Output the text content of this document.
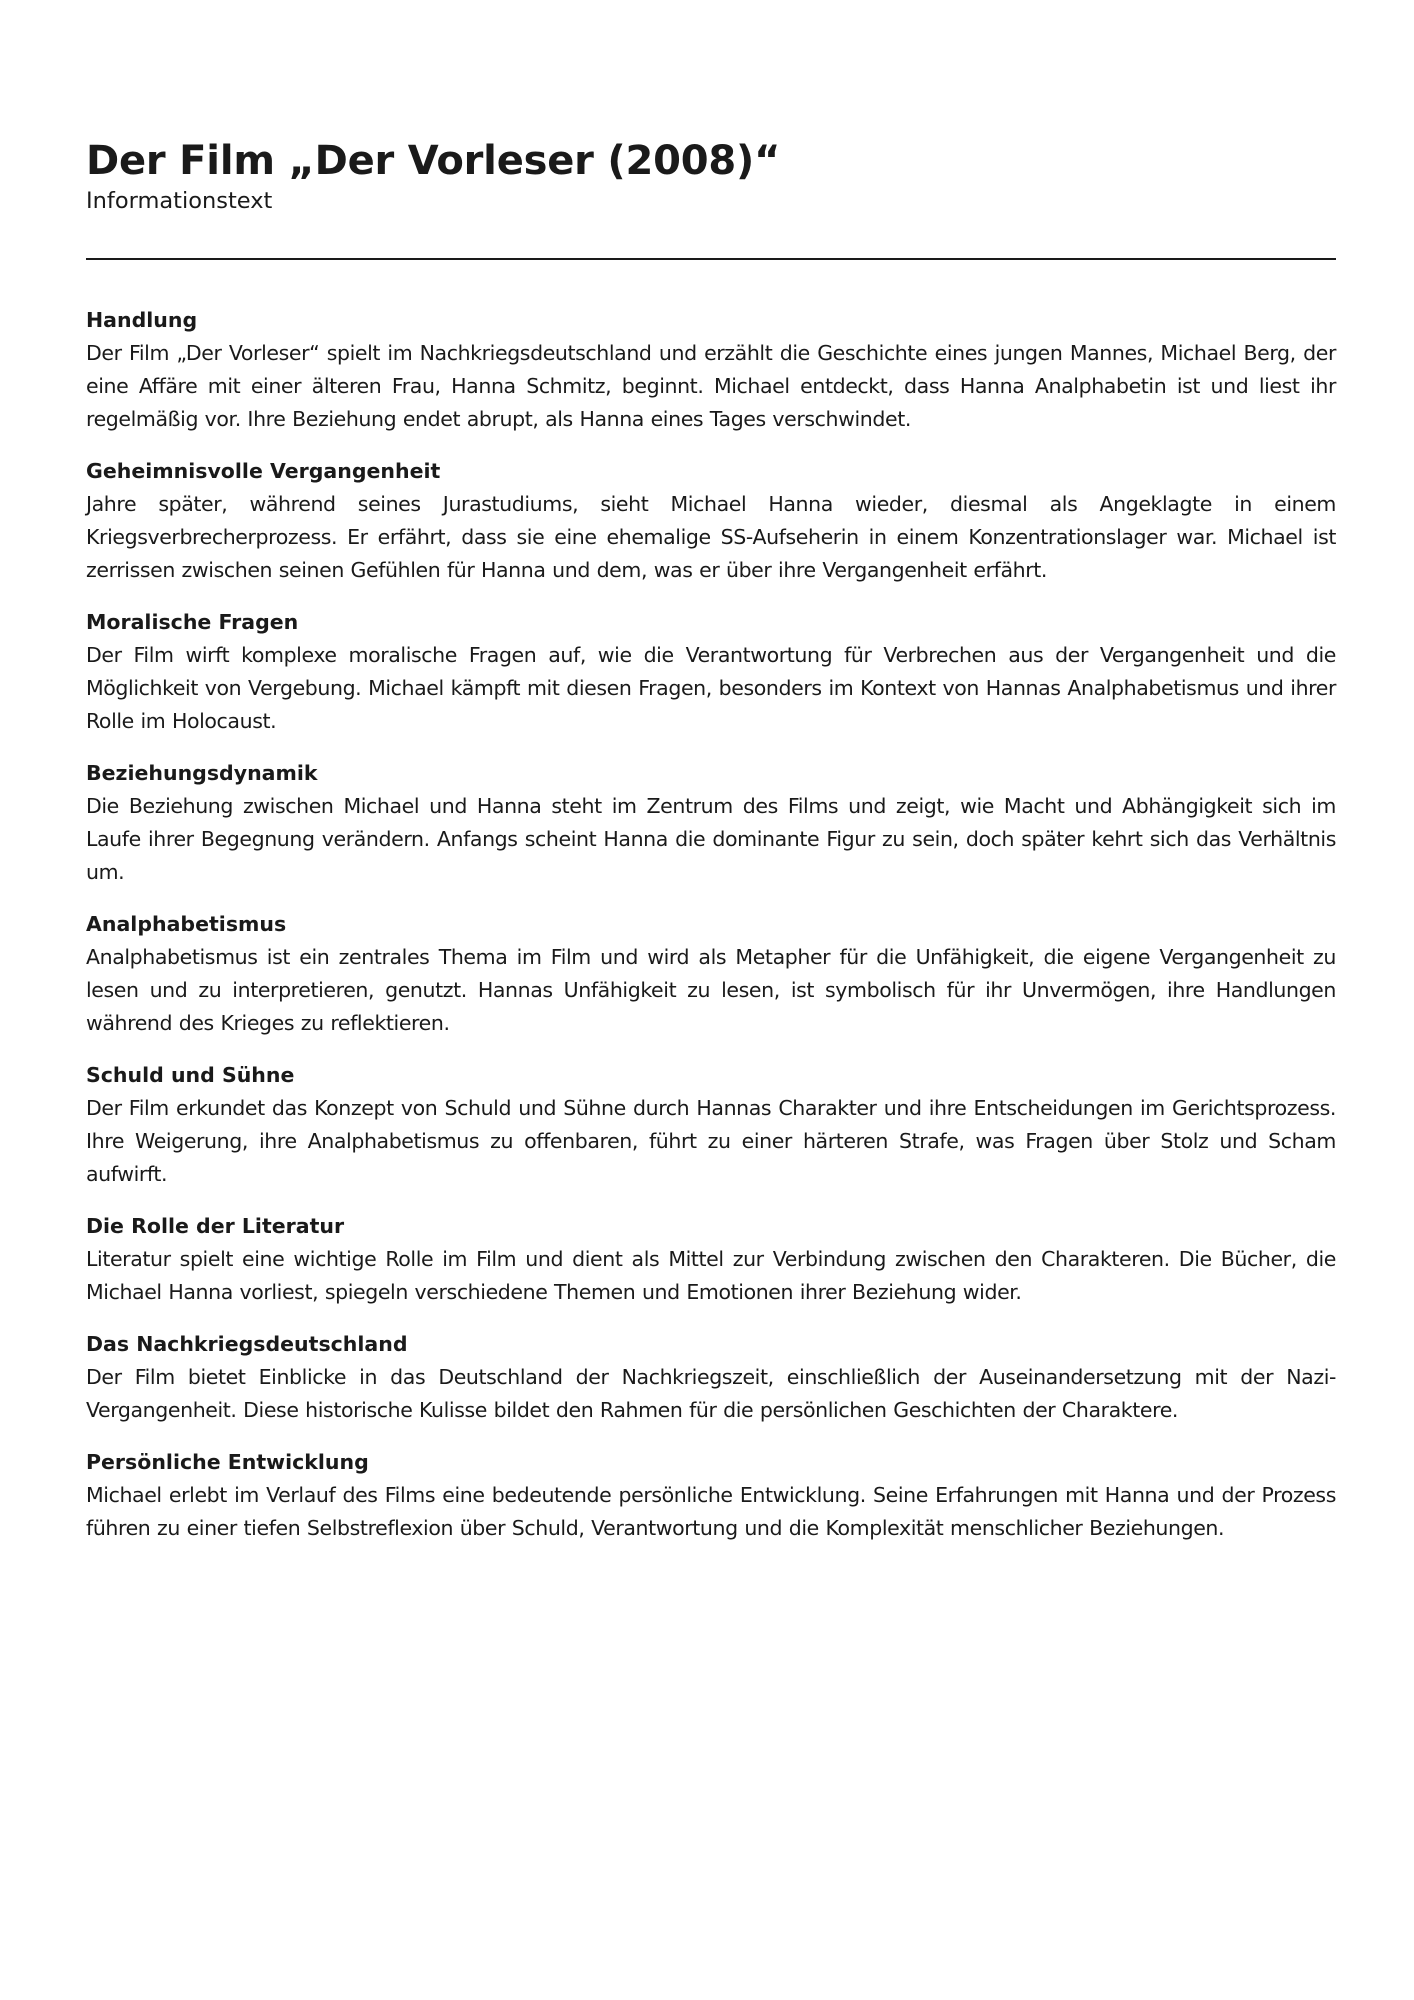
Der Film „Der Vorleser (2008)“

Informationstext

Handlung

Der Film „Der Vorleser“ spielt im Nachkriegsdeutschland und erzählt die Geschichte eines jungen Mannes, Michael Berg, der eine Affäre mit einer älteren Frau, Hanna Schmitz, beginnt. Michael entdeckt, dass Hanna Analphabetin ist und liest ihr regelmäßig vor. Ihre Beziehung endet abrupt, als Hanna eines Tages verschwindet.

Geheimnisvolle Vergangenheit

Jahre später, während seines Jurastudiums, sieht Michael Hanna wieder, diesmal als Angeklagte in einem Kriegsverbrecherprozess. Er erfährt, dass sie eine ehemalige SS-Aufseherin in einem Konzentrationslager war. Michael ist zerrissen zwischen seinen Gefühlen für Hanna und dem, was er über ihre Vergangenheit erfährt.

Moralische Fragen

Der Film wirft komplexe moralische Fragen auf, wie die Verantwortung für Verbrechen aus der Vergangenheit und die Möglichkeit von Vergebung. Michael kämpft mit diesen Fragen, besonders im Kontext von Hannas Analphabetismus und ihrer Rolle im Holocaust.

Beziehungsdynamik

Die Beziehung zwischen Michael und Hanna steht im Zentrum des Films und zeigt, wie Macht und Abhängigkeit sich im Laufe ihrer Begegnung verändern. Anfangs scheint Hanna die dominante Figur zu sein, doch später kehrt sich das Verhältnis um.

Analphabetismus

Analphabetismus ist ein zentrales Thema im Film und wird als Metapher für die Unfähigkeit, die eigene Vergangenheit zu lesen und zu interpretieren, genutzt. Hannas Unfähigkeit zu lesen, ist symbolisch für ihr Unvermögen, ihre Handlungen während des Krieges zu reflektieren.

Schuld und Sühne

Der Film erkundet das Konzept von Schuld und Sühne durch Hannas Charakter und ihre Entscheidungen im Gerichtsprozess. Ihre Weigerung, ihre Analphabetismus zu offenbaren, führt zu einer härteren Strafe, was Fragen über Stolz und Scham aufwirft.

Die Rolle der Literatur

Literatur spielt eine wichtige Rolle im Film und dient als Mittel zur Verbindung zwischen den Charakteren. Die Bücher, die Michael Hanna vorliest, spiegeln verschiedene Themen und Emotionen ihrer Beziehung wider.

Das Nachkriegsdeutschland

Der Film bietet Einblicke in das Deutschland der Nachkriegszeit, einschließlich der Auseinandersetzung mit der Nazi-Vergangenheit. Diese historische Kulisse bildet den Rahmen für die persönlichen Geschichten der Charaktere.

Persönliche Entwicklung

Michael erlebt im Verlauf des Films eine bedeutende persönliche Entwicklung. Seine Erfahrungen mit Hanna und der Prozess führen zu einer tiefen Selbstreflexion über Schuld, Verantwortung und die Komplexität menschlicher Beziehungen.
